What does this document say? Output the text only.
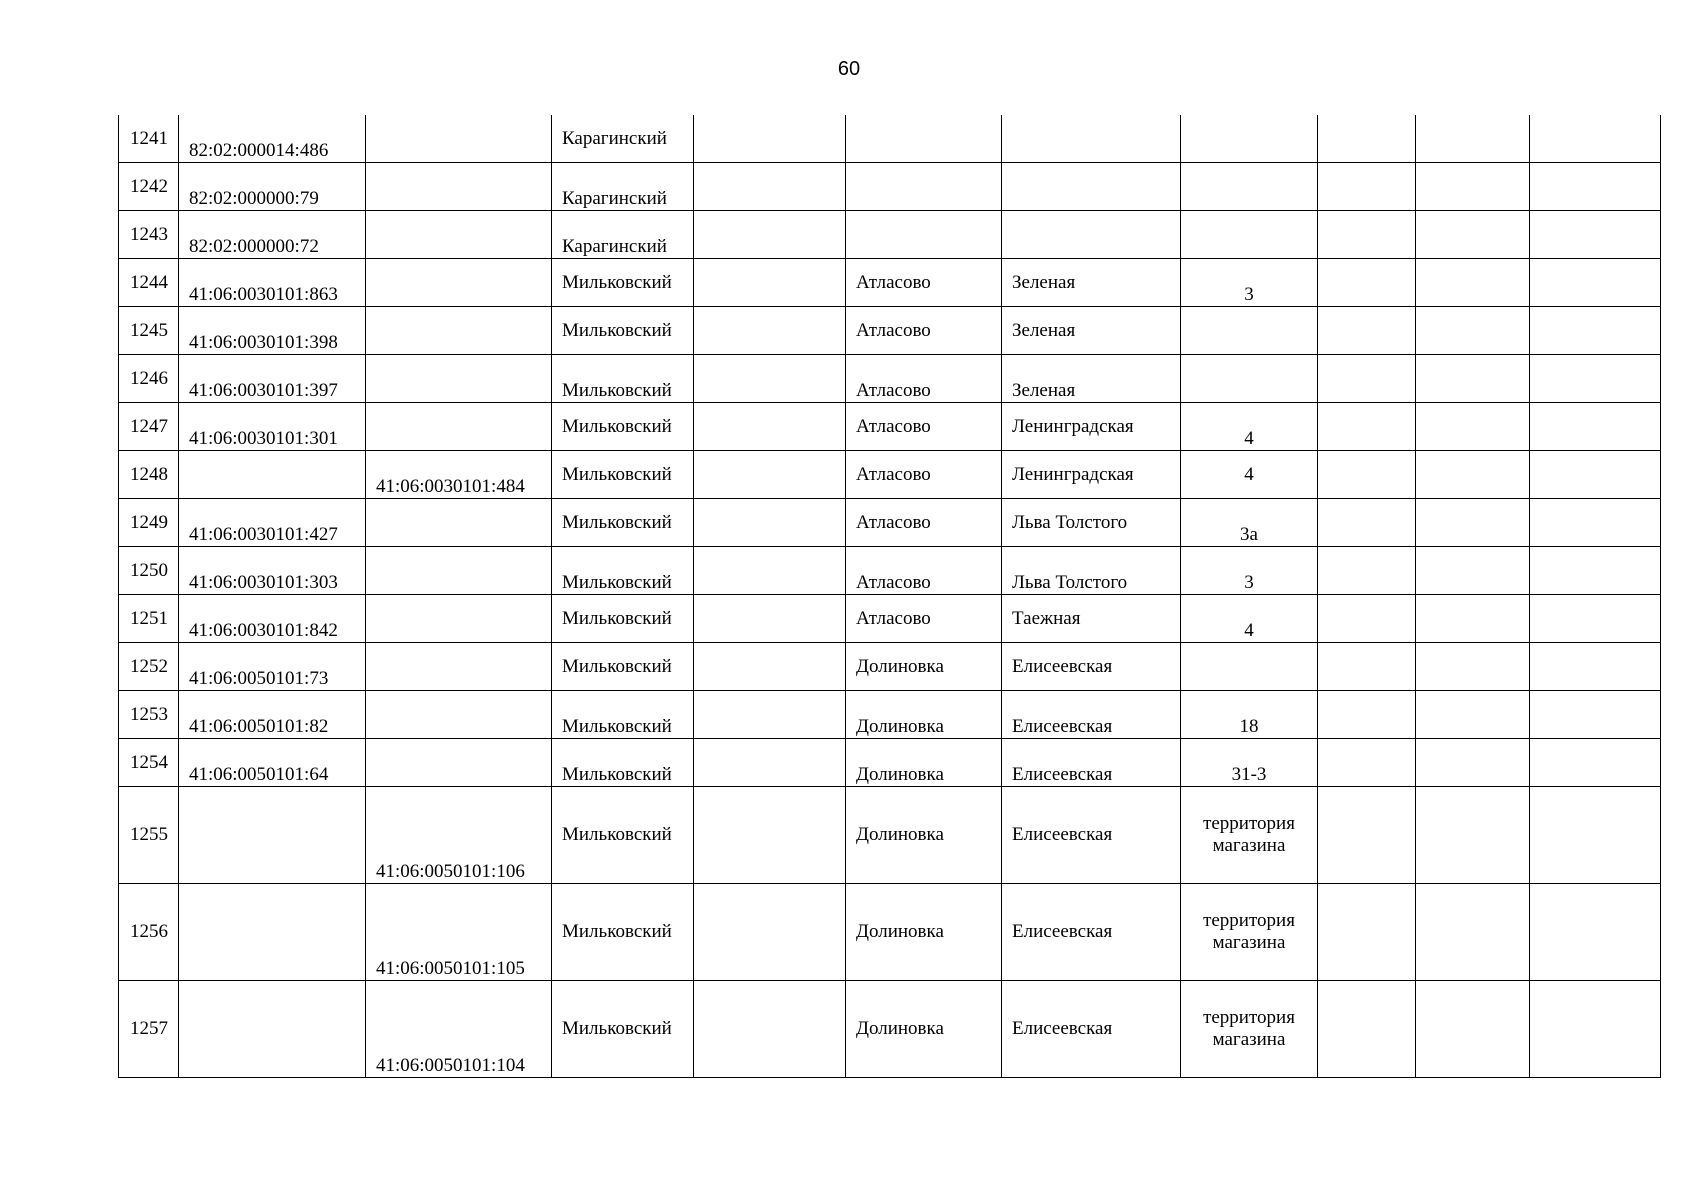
60
1241	82:02:000014:486		Карагинский							
1242	82:02:000000:79		Карагинский							
1243	82:02:000000:72		Карагинский							
1244	41:06:0030101:863		Мильковский		Атласово	Зеленая	3			
1245	41:06:0030101:398		Мильковский		Атласово	Зеленая				
1246	41:06:0030101:397		Мильковский		Атласово	Зеленая				
1247	41:06:0030101:301		Мильковский		Атласово	Ленинградская	4			
1248		41:06:0030101:484	Мильковский		Атласово	Ленинградская	4			
1249	41:06:0030101:427		Мильковский		Атласово	Льва Толстого	3а			
1250	41:06:0030101:303		Мильковский		Атласово	Льва Толстого	3			
1251	41:06:0030101:842		Мильковский		Атласово	Таежная	4			
1252	41:06:0050101:73		Мильковский		Долиновка	Елисеевская				
1253	41:06:0050101:82		Мильковский		Долиновка	Елисеевская	18			
1254	41:06:0050101:64		Мильковский		Долиновка	Елисеевская	31-3			
1255		41:06:0050101:106	Мильковский		Долиновка	Елисеевская	территория магазина			
1256		41:06:0050101:105	Мильковский		Долиновка	Елисеевская	территория магазина			
1257		41:06:0050101:104	Мильковский		Долиновка	Елисеевская	территория магазина			
